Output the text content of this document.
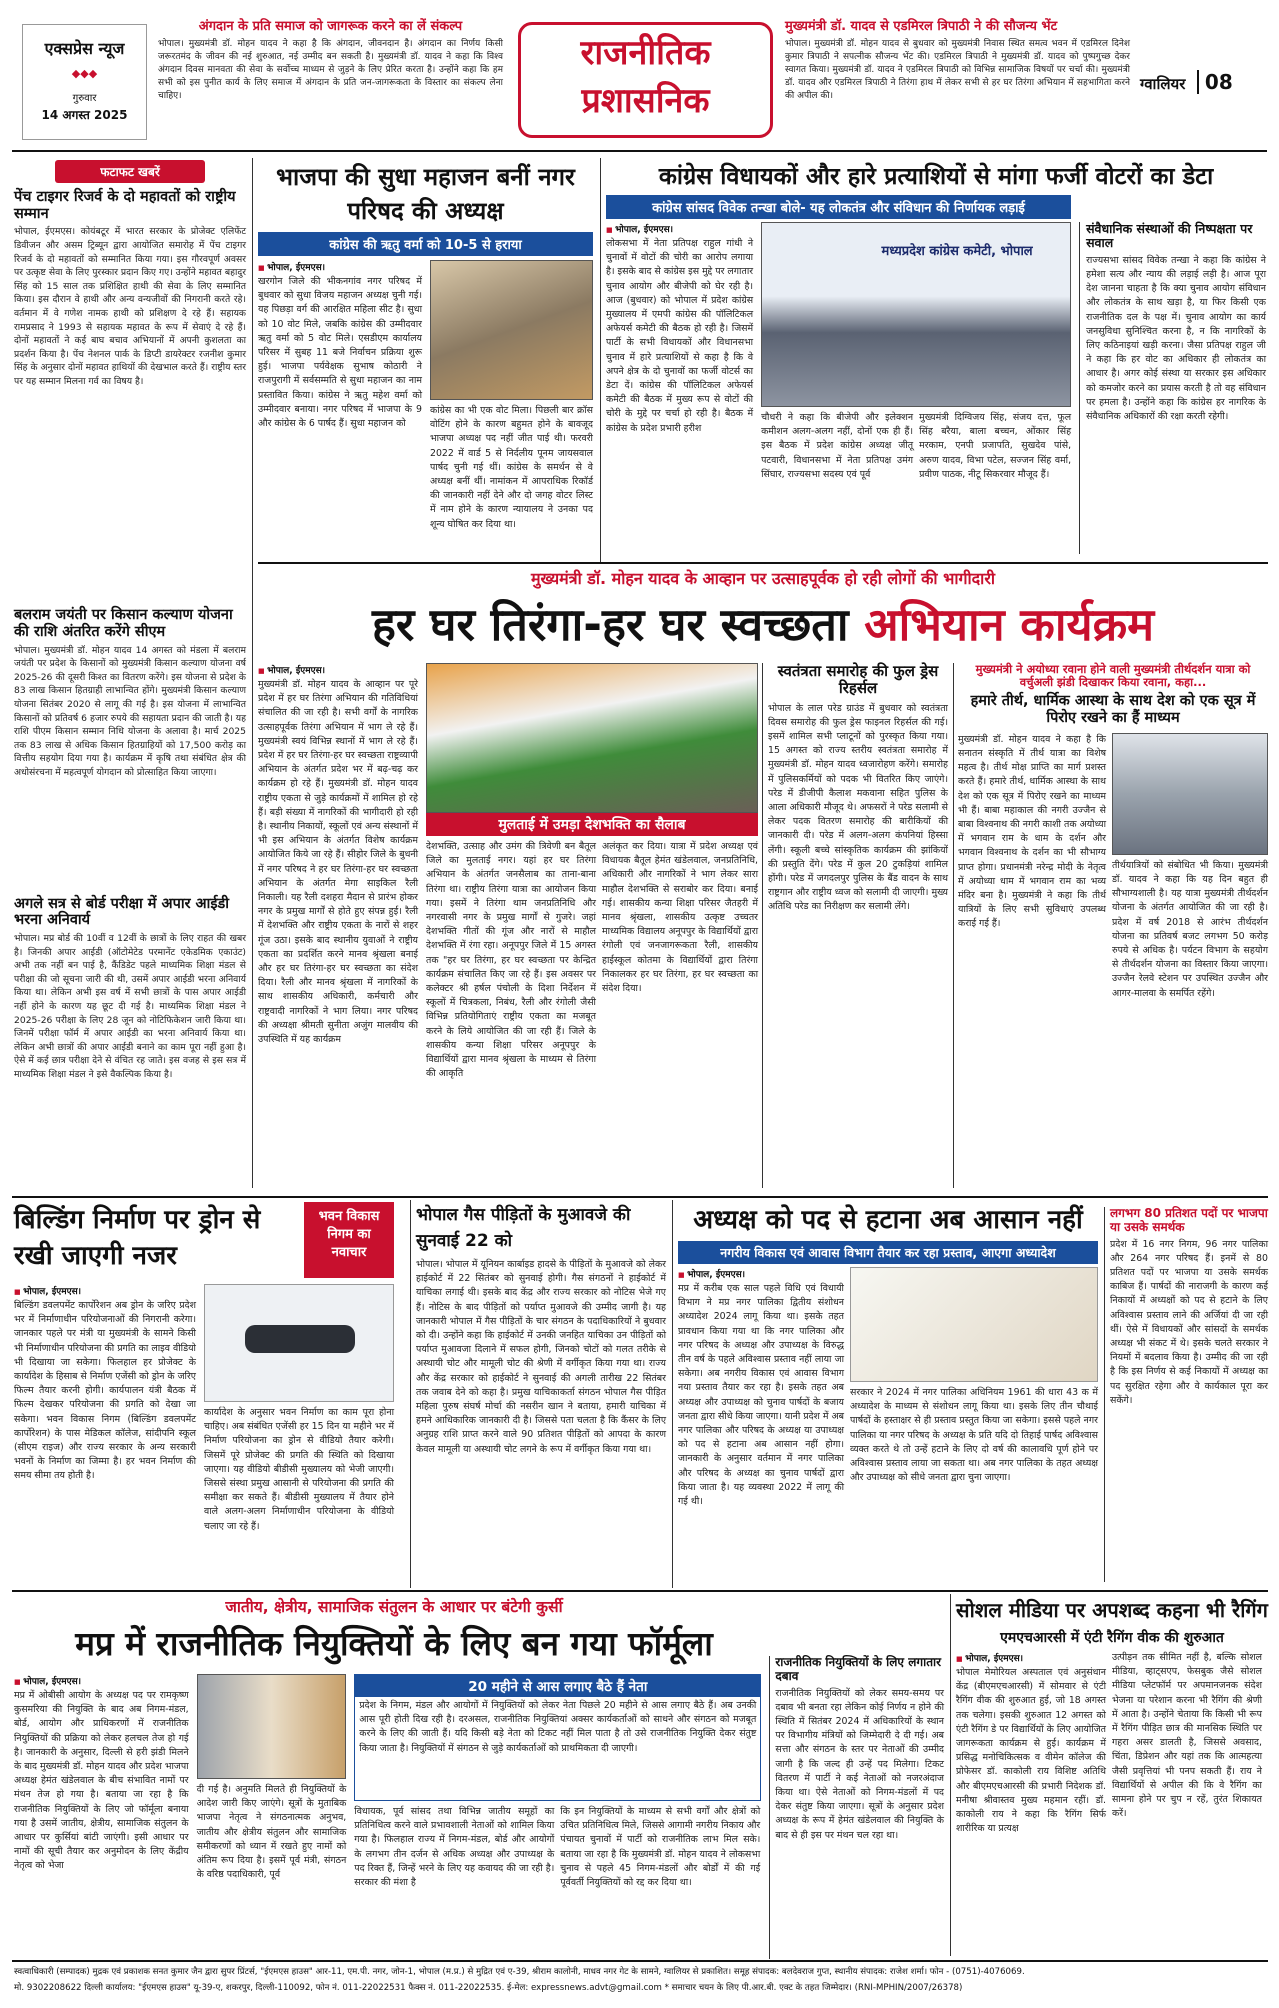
एक्सप्रेस न्यूज
◆◆◆
गुरुवार
14 अगस्त 2025
अंगदान के प्रति समाज को जागरूक करने का लें संकल्प
भोपाल। मुख्यमंत्री डॉ. मोहन यादव ने कहा है कि अंगदान, जीवनदान है। अंगदान का निर्णय किसी जरूरतमंद के जीवन की नई शुरुआत, नई उम्मीद बन सकती है। मुख्यमंत्री डॉ. यादव ने कहा कि विश्व अंगदान दिवस मानवता की सेवा के सर्वोच्च माध्यम से जुड़ने के लिए प्रेरित करता है। उन्होंने कहा कि हम सभी को इस पुनीत कार्य के लिए समाज में अंगदान के प्रति जन-जागरूकता के विस्तार का संकल्प लेना चाहिए।
राजनीतिक
प्रशासनिक
मुख्यमंत्री डॉ. यादव से एडमिरल त्रिपाठी ने की सौजन्य भेंट
भोपाल। मुख्यमंत्री डॉ. मोहन यादव से बुधवार को मुख्यमंत्री निवास स्थित समत्व भवन में एडमिरल दिनेश कुमार त्रिपाठी ने सपत्नीक सौजन्य भेंट की। एडमिरल त्रिपाठी ने मुख्यमंत्री डॉ. यादव को पुष्पगुच्छ देकर स्वागत किया। मुख्यमंत्री डॉ. यादव ने एडमिरल त्रिपाठी को विभिन्न सामाजिक विषयों पर चर्चा की। मुख्यमंत्री डॉ. यादव और एडमिरल त्रिपाठी ने तिरंगा हाथ में लेकर सभी से हर घर तिरंगा अभियान में सहभागिता करने की अपील की।
ग्वालियर 08
फटाफट खबरें
पेंच टाइगर रिजर्व के दो महावतों को राष्ट्रीय सम्मान
भोपाल, ईएमएस। कोयंबटूर में भारत सरकार के प्रोजेक्ट एलिफेंट डिवीजन और असम ट्रिब्यून द्वारा आयोजित समारोह में पेंच टाइगर रिजर्व के दो महावतों को सम्मानित किया गया। इस गौरवपूर्ण अवसर पर उत्कृष्ट सेवा के लिए पुरस्कार प्रदान किए गए। उन्होंने महावत बहादुर सिंह को 15 साल तक प्रशिक्षित हाथी की सेवा के लिए सम्मानित किया। इस दौरान वे हाथी और अन्य वन्यजीवों की निगरानी करते रहे। वर्तमान में वे गणेश नामक हाथी को प्रशिक्षण दे रहे हैं। सहायक रामप्रसाद ने 1993 से सहायक महावत के रूप में सेवाएं दे रहे हैं। दोनों महावतों ने कई बाघ बचाव अभियानों में अपनी कुशलता का प्रदर्शन किया है। पेंच नेशनल पार्क के डिप्टी डायरेक्टर रजनीश कुमार सिंह के अनुसार दोनों महावत हाथियों की देखभाल करते हैं। राष्ट्रीय स्तर पर यह सम्मान मिलना गर्व का विषय है।
बलराम जयंती पर किसान कल्याण योजना की राशि अंतरित करेंगे सीएम
भोपाल। मुख्यमंत्री डॉ. मोहन यादव 14 अगस्त को मंडला में बलराम जयंती पर प्रदेश के किसानों को मुख्यमंत्री किसान कल्याण योजना वर्ष 2025-26 की दूसरी किश्त का वितरण करेंगे। इस योजना से प्रदेश के 83 लाख किसान हितग्राही लाभान्वित होंगे। मुख्यमंत्री किसान कल्याण योजना सितंबर 2020 से लागू की गई है। इस योजना में लाभान्वित किसानों को प्रतिवर्ष 6 हजार रुपये की सहायता प्रदान की जाती है। यह राशि पीएम किसान सम्मान निधि योजना के अलावा है। मार्च 2025 तक 83 लाख से अधिक किसान हितग्राहियों को 17,500 करोड़ का वित्तीय सहयोग दिया गया है। कार्यक्रम में कृषि तथा संबंधित क्षेत्र की अधोसंरचना में महत्वपूर्ण योगदान को प्रोत्साहित किया जाएगा।
अगले सत्र से बोर्ड परीक्षा में अपार आईडी भरना अनिवार्य
भोपाल। मप्र बोर्ड की 10वीं व 12वीं के छात्रों के लिए राहत की खबर है। जिनकी अपार आईडी (ऑटोमेटेड परमानेंट एकेडमिक एकाउंट) अभी तक नहीं बन पाई है, कैंडिडेट पहले माध्यमिक शिक्षा मंडल से परीक्षा की जो सूचना जारी की थी, उसमें अपार आईडी भरना अनिवार्य किया था। लेकिन अभी इस वर्ष में सभी छात्रों के पास अपार आईडी नहीं होने के कारण यह छूट दी गई है। माध्यमिक शिक्षा मंडल ने 2025-26 परीक्षा के लिए 28 जून को नोटिफिकेशन जारी किया था। जिनमें परीक्षा फॉर्म में अपार आईडी का भरना अनिवार्य किया था। लेकिन अभी छात्रों की अपार आईडी बनाने का काम पूरा नहीं हुआ है। ऐसे में कई छात्र परीक्षा देने से वंचित रह जाते। इस वजह से इस सत्र में माध्यमिक शिक्षा मंडल ने इसे वैकल्पिक किया है।
भाजपा की सुधा महाजन बनीं नगर परिषद की अध्यक्ष
कांग्रेस की ऋतु वर्मा को 10-5 से हराया
■ भोपाल, ईएमएस।
खरगोन जिले की भीकनगांव नगर परिषद में बुधवार को सुधा विजय महाजन अध्यक्ष चुनी गई। यह पिछड़ा वर्ग की आरक्षित महिला सीट है। सुधा को 10 वोट मिले, जबकि कांग्रेस की उम्मीदवार ऋतु वर्मा को 5 वोट मिले। एसडीएम कार्यालय परिसर में सुबह 11 बजे निर्वाचन प्रक्रिया शुरू हुई। भाजपा पर्यवेक्षक सुभाष कोठारी ने राजपुरागी में सर्वसम्मति से सुधा महाजन का नाम प्रस्तावित किया। कांग्रेस ने ऋतु महेश वर्मा को उम्मीदवार बनाया। नगर परिषद में भाजपा के 9 और कांग्रेस के 6 पार्षद हैं। सुधा महाजन को
कांग्रेस का भी एक वोट मिला। पिछली बार क्रॉस वोटिंग होने के कारण बहुमत होने के बावजूद भाजपा अध्यक्ष पद नहीं जीत पाई थी। फरवरी 2022 में वार्ड 5 से निर्दलीय पूनम जायसवाल पार्षद चुनी गई थीं। कांग्रेस के समर्थन से वे अध्यक्ष बनीं थीं। नामांकन में आपराधिक रिकॉर्ड की जानकारी नहीं देने और दो जगह वोटर लिस्ट में नाम होने के कारण न्यायालय ने उनका पद शून्य घोषित कर दिया था।
कांग्रेस विधायकों और हारे प्रत्याशियों से मांगा फर्जी वोटरों का डेटा
कांग्रेस सांसद विवेक तन्खा बोले- यह लोकतंत्र और संविधान की निर्णायक लड़ाई
■ भोपाल, ईएमएस।
लोकसभा में नेता प्रतिपक्ष राहुल गांधी ने चुनावों में वोटों की चोरी का आरोप लगाया है। इसके बाद से कांग्रेस इस मुद्दे पर लगातार चुनाव आयोग और बीजेपी को घेर रही है। आज (बुधवार) को भोपाल में प्रदेश कांग्रेस मुख्यालय में एमपी कांग्रेस की पॉलिटिकल अफेयर्स कमेटी की बैठक हो रही है। जिसमें पार्टी के सभी विधायकों और विधानसभा चुनाव में हारे प्रत्याशियों से कहा है कि वे अपने क्षेत्र के दो चुनावों का फर्जी वोटर्स का डेटा दें। कांग्रेस की पॉलिटिकल अफेयर्स कमेटी की बैठक में मुख्य रूप से वोटों की चोरी के मुद्दे पर चर्चा हो रही है। बैठक में कांग्रेस के प्रदेश प्रभारी हरीश
मध्यप्रदेश कांग्रेस कमेटी, भोपाल
चौधरी ने कहा कि बीजेपी और इलेक्शन कमीशन अलग-अलग नहीं, दोनों एक ही हैं। इस बैठक में प्रदेश कांग्रेस अध्यक्ष जीतू पटवारी, विधानसभा में नेता प्रतिपक्ष उमंग सिंघार, राज्यसभा सदस्य एवं पूर्व
मुख्यमंत्री दिग्विजय सिंह, संजय दत्त, फूल सिंह बरैया, बाला बच्चन, ओंकार सिंह मरकाम, एनपी प्रजापति, सुखदेव पांसे, अरुण यादव, विभा पटेल, सज्जन सिंह वर्मा, प्रवीण पाठक, नीटू सिकरवार मौजूद हैं।
संवैधानिक संस्थाओं की निष्पक्षता पर सवाल
राज्यसभा सांसद विवेक तन्खा ने कहा कि कांग्रेस ने हमेशा सत्य और न्याय की लड़ाई लड़ी है। आज पूरा देश जानना चाहता है कि क्या चुनाव आयोग संविधान और लोकतंत्र के साथ खड़ा है, या फिर किसी एक राजनीतिक दल के पक्ष में। चुनाव आयोग का कार्य जनसुविधा सुनिश्चित करना है, न कि नागरिकों के लिए कठिनाइयां खड़ी करना। जैसा प्रतिपक्ष राहुल जी ने कहा कि हर वोट का अधिकार ही लोकतंत्र का आधार है। अगर कोई संस्था या सरकार इस अधिकार को कमजोर करने का प्रयास करती है तो वह संविधान पर हमला है। उन्होंने कहा कि कांग्रेस हर नागरिक के संवैधानिक अधिकारों की रक्षा करती रहेगी।
मुख्यमंत्री डॉ. मोहन यादव के आव्हान पर उत्साहपूर्वक हो रही लोगों की भागीदारी
हर घर तिरंगा-हर घर स्वच्छता अभियान कार्यक्रम
■ भोपाल, ईएमएस।
मुख्यमंत्री डॉ. मोहन यादव के आव्हान पर पूरे प्रदेश में हर घर तिरंगा अभियान की गतिविधियां संचालित की जा रही है। सभी वर्गों के नागरिक उत्साहपूर्वक तिरंगा अभियान में भाग ले रहे हैं। मुख्यमंत्री स्वयं विभिन्न स्थानों में भाग ले रहे हैं। प्रदेश में हर घर तिरंगा-हर घर स्वच्छता राष्ट्रव्यापी अभियान के अंतर्गत प्रदेश भर में बढ़-चढ़ कर कार्यक्रम हो रहे हैं। मुख्यमंत्री डॉ. मोहन यादव राष्ट्रीय एकता से जुड़े कार्यक्रमों में शामिल हो रहे हैं। बड़ी संख्या में नागरिकों की भागीदारी हो रही है। स्थानीय निकायों, स्कूलों एवं अन्य संस्थानों में भी इस अभियान के अंतर्गत विशेष कार्यक्रम आयोजित किये जा रहे हैं। सीहोर जिले के बुधनी में नगर परिषद ने हर घर तिरंगा-हर घर स्वच्छता अभियान के अंतर्गत मेगा साइकिल रैली निकाली। यह रैली दशहरा मैदान से प्रारंभ होकर नगर के प्रमुख मार्गों से होते हुए संपन्न हुई। रैली में देशभक्ति और राष्ट्रीय एकता के नारों से शहर गूंज उठा। इसके बाद स्थानीय युवाओं ने राष्ट्रीय एकता का प्रदर्शित करने मानव श्रृंखला बनाई और हर घर तिरंगा-हर घर स्वच्छता का संदेश दिया। रैली और मानव श्रृंखला में नागरिकों के साथ शासकीय अधिकारी, कर्मचारी और राष्ट्रवादी नागरिकों ने भाग लिया। नगर परिषद की अध्यक्षा श्रीमती सुनीता अजुंग मालवीय की उपस्थिति में यह कार्यक्रम
मुलताई में उमड़ा देशभक्ति का सैलाब
देशभक्ति, उत्साह और उमंग की त्रिवेणी बन बैतूल जिले का मुलताई नगर। यहां हर घर तिरंगा अभियान के अंतर्गत जनसैलाब का ताना-बाना तिरंगा था। राष्ट्रीय तिरंगा यात्रा का आयोजन किया गया। इसमें ने तिरंगा थाम जनप्रतिनिधि और नगरवासी नगर के प्रमुख मार्गों से गुजरे। जहां देशभक्ति गीतों की गूंज और नारों से माहौल देशभक्ति में रंगा रहा। अनूपपुर जिले में 15 अगस्त तक "हर घर तिरंगा, हर घर स्वच्छता पर केन्द्रित कार्यक्रम संचालित किए जा रहे हैं। इस अवसर पर कलेक्टर श्री हर्षल पंचोली के दिशा निर्देशन में स्कूलों में चित्रकला, निबंध, रैली और रंगोली जैसी विभिन्न प्रतियोगिताएं राष्ट्रीय एकता का मजबूत करने के लिये आयोजित की जा रही हैं। जिले के शासकीय कन्या शिक्षा परिसर अनूपपुर के विद्यार्थियों द्वारा मानव श्रृंखला के माध्यम से तिरंगा की आकृति
अलंकृत कर दिया। यात्रा में प्रदेश अध्यक्ष एवं विधायक बैतूल हेमंत खंडेलवाल, जनप्रतिनिधि, अधिकारी और नागरिकों ने भाग लेकर सारा माहौल देशभक्ति से सराबोर कर दिया। बनाई गई। शासकीय कन्या शिक्षा परिसर जैतहरी में मानव श्रृंखला, शासकीय उत्कृष्ट उच्चतर माध्यमिक विद्यालय अनूपपुर के विद्यार्थियों द्वारा रंगोली एवं जनजागरूकता रैली, शासकीय हाईस्कूल कोतमा के विद्यार्थियों द्वारा तिरंगा निकालकर हर घर तिरंगा, हर घर स्वच्छता का संदेश दिया।
स्वतंत्रता समारोह की फुल ड्रेस रिहर्सल
भोपाल के लाल परेड ग्राउंड में बुधवार को स्वतंत्रता दिवस समारोह की फुल ड्रेस फाइनल रिहर्सल की गई। इसमें शामिल सभी प्लाटूनों को पुरस्कृत किया गया। 15 अगस्त को राज्य स्तरीय स्वतंत्रता समारोह में मुख्यमंत्री डॉ. मोहन यादव ध्वजारोहण करेंगे। समारोह में पुलिसकर्मियों को पदक भी वितरित किए जाएंगे। परेड में डीजीपी कैलाश मकवाना सहित पुलिस के आला अधिकारी मौजूद थे। अफसरों ने परेड सलामी से लेकर पदक वितरण समारोह की बारीकियों की जानकारी दी। परेड में अलग-अलग कंपनियां हिस्सा लेंगी। स्कूली बच्चे सांस्कृतिक कार्यक्रम की झांकियों की प्रस्तुति देंगे। परेड में कुल 20 टुकड़ियां शामिल होंगी। परेड में जगदलपुर पुलिस के बैंड वादन के साथ राष्ट्रगान और राष्ट्रीय ध्वज को सलामी दी जाएगी। मुख्य अतिथि परेड का निरीक्षण कर सलामी लेंगे।
मुख्यमंत्री ने अयोध्या रवाना होने वाली मुख्यमंत्री तीर्थदर्शन यात्रा को वर्चुअली झंडी दिखाकर किया रवाना, कहा...
हमारे तीर्थ, धार्मिक आस्था के साथ देश को एक सूत्र में पिरोए रखने का हैं माध्यम
मुख्यमंत्री डॉ. मोहन यादव ने कहा है कि सनातन संस्कृति में तीर्थ यात्रा का विशेष महत्व है। तीर्थ मोक्ष प्राप्ति का मार्ग प्रशस्त करते हैं। हमारे तीर्थ, धार्मिक आस्था के साथ देश को एक सूत्र में पिरोए रखने का माध्यम भी हैं। बाबा महाकाल की नगरी उज्जैन से बाबा विश्वनाथ की नगरी काशी तक अयोध्या में भगवान राम के धाम के दर्शन और भगवान विश्वनाथ के दर्शन का भी सौभाग्य प्राप्त होगा। प्रधानमंत्री नरेन्द्र मोदी के नेतृत्व में अयोध्या धाम में भगवान राम का भव्य मंदिर बना है। मुख्यमंत्री ने कहा कि तीर्थ यात्रियों के लिए सभी सुविधाएं उपलब्ध कराई गई हैं।
तीर्थयात्रियों को संबोधित भी किया। मुख्यमंत्री डॉ. यादव ने कहा कि यह दिन बहुत ही सौभाग्यशाली है। यह यात्रा मुख्यमंत्री तीर्थदर्शन योजना के अंतर्गत आयोजित की जा रही है। प्रदेश में वर्ष 2018 से आरंभ तीर्थदर्शन योजना का प्रतिवर्ष बजट लगभग 50 करोड़ रुपये से अधिक है। पर्यटन विभाग के सहयोग से तीर्थदर्शन योजना का विस्तार किया जाएगा। उज्जैन रेलवे स्टेशन पर उपस्थित उज्जैन और आगर-मालवा के समर्पित रहेंगे।
बिल्डिंग निर्माण पर ड्रोन से रखी जाएगी नजर
भवन विकास निगम का नवाचार
■ भोपाल, ईएमएस।
बिल्डिंग डवलपमेंट कार्पोरेशन अब ड्रोन के जरिए प्रदेश भर में निर्माणाधीन परियोजनाओं की निगरानी करेगा। जानकार पहले पर मंत्री या मुख्यमंत्री के सामने किसी भी निर्माणाधीन परियोजना की प्रगति का लाइव वीडियो भी दिखाया जा सकेगा। फिलहाल हर प्रोजेक्ट के कार्यादेश के हिसाब से निर्माण एजेंसी को ड्रोन के जरिए फिल्म तैयार करनी होगी। कार्यपालन यंत्री बैठक में फिल्म देखकर परियोजना की प्रगति को देखा जा सकेगा। भवन विकास निगम (बिल्डिंग डवलपमेंट कार्पोरेशन) के पास मेडिकल कॉलेज, सांदीपनि स्कूल (सीएम राइज) और राज्य सरकार के अन्य सरकारी भवनों के निर्माण का जिम्मा है। हर भवन निर्माण की समय सीमा तय होती है।
कार्यादेश के अनुसार भवन निर्माण का काम पूरा होना चाहिए। अब संबंधित एजेंसी हर 15 दिन या महीने भर में निर्माण परियोजना का ड्रोन से वीडियो तैयार करेगी। जिसमें पूरे प्रोजेक्ट की प्रगति की स्थिति को दिखाया जाएगा। यह वीडियो बीडीसी मुख्यालय को भेजी जाएगी। जिससे संस्था प्रमुख आसानी से परियोजना की प्रगति की समीक्षा कर सकते हैं। बीडीसी मुख्यालय में तैयार होने वाले अलग-अलग निर्माणाधीन परियोजना के वीडियो चलाए जा रहे हैं।
भोपाल गैस पीड़ितों के मुआवजे की सुनवाई 22 को
भोपाल। भोपाल में यूनियन कार्बाइड हादसे के पीड़ितों के मुआवजे को लेकर हाईकोर्ट में 22 सितंबर को सुनवाई होगी। गैस संगठनों ने हाईकोर्ट में याचिका लगाई थी। इसके बाद केंद्र और राज्य सरकार को नोटिस भेजे गए हैं। नोटिस के बाद पीड़ितों को पर्याप्त मुआवजे की उम्मीद जागी है। यह जानकारी भोपाल में गैस पीड़ितों के चार संगठन के पदाधिकारियों ने बुधवार को दी। उन्होंने कहा कि हाईकोर्ट में उनकी जनहित याचिका उन पीड़ितों को पर्याप्त मुआवजा दिलाने में सफल होगी, जिनको चोटों को गलत तरीके से अस्थायी चोट और मामूली चोट की श्रेणी में वर्गीकृत किया गया था। राज्य और केंद्र सरकार को हाईकोर्ट ने सुनवाई की अगली तारीख 22 सितंबर तक जवाब देने को कहा है। प्रमुख याचिकाकर्ता संगठन भोपाल गैस पीड़ित महिला पुरुष संघर्ष मोर्चा की नसरीन खान ने बताया, हमारी याचिका में हमने आधिकारिक जानकारी दी है। जिससे पता चलता है कि कैंसर के लिए अनुग्रह राशि प्राप्त करने वाले 90 प्रतिशत पीड़ितों को आपदा के कारण केवल मामूली या अस्थायी चोट लगने के रूप में वर्गीकृत किया गया था।
अध्यक्ष को पद से हटाना अब आसान नहीं
नगरीय विकास एवं आवास विभाग तैयार कर रहा प्रस्ताव, आएगा अध्यादेश
■ भोपाल, ईएमएस।
मप्र में करीब एक साल पहले विधि एवं विधायी विभाग ने मप्र नगर पालिका द्वितीय संशोधन अध्यादेश 2024 लागू किया था। इसके तहत प्रावधान किया गया था कि नगर पालिका और नगर परिषद के अध्यक्ष और उपाध्यक्ष के विरुद्ध तीन वर्ष के पहले अविश्वास प्रस्ताव नहीं लाया जा सकेगा। अब नगरीय विकास एवं आवास विभाग नया प्रस्ताव तैयार कर रहा है। इसके तहत अब अध्यक्ष और उपाध्यक्ष को चुनाव पार्षदों के बजाय जनता द्वारा सीधे किया जाएगा। यानी प्रदेश में अब नगर पालिका और परिषद के अध्यक्ष या उपाध्यक्ष को पद से हटाना अब आसान नहीं होगा। जानकारी के अनुसार वर्तमान में नगर पालिका और परिषद के अध्यक्ष का चुनाव पार्षदों द्वारा किया जाता है। यह व्यवस्था 2022 में लागू की गई थी।
सरकार ने 2024 में नगर पालिका अधिनियम 1961 की धारा 43 क में अध्यादेश के माध्यम से संशोधन लागू किया था। इसके लिए तीन चौथाई पार्षदों के हस्ताक्षर से ही प्रस्ताव प्रस्तुत किया जा सकेगा। इससे पहले नगर पालिका या नगर परिषद के अध्यक्ष के प्रति यदि दो तिहाई पार्षद अविश्वास व्यक्त करते थे तो उन्हें हटाने के लिए दो वर्ष की कालावधि पूर्ण होने पर अविश्वास प्रस्ताव लाया जा सकता था। अब नगर पालिका के तहत अध्यक्ष और उपाध्यक्ष को सीधे जनता द्वारा चुना जाएगा।
लगभग 80 प्रतिशत पदों पर भाजपा या उसके समर्थक
प्रदेश में 16 नगर निगम, 96 नगर पालिका और 264 नगर परिषद हैं। इनमें से 80 प्रतिशत पदों पर भाजपा या उसके समर्थक काबिज हैं। पार्षदों की नाराजगी के कारण कई निकायों में अध्यक्षों को पद से हटाने के लिए अविश्वास प्रस्ताव लाने की अर्जियां दी जा रही थीं। ऐसे में विधायकों और सांसदों के समर्थक अध्यक्ष भी संकट में थे। इसके चलते सरकार ने नियमों में बदलाव किया है। उम्मीद की जा रही है कि इस निर्णय से कई निकायों में अध्यक्ष का पद सुरक्षित रहेगा और वे कार्यकाल पूरा कर सकेंगे।
जातीय, क्षेत्रीय, सामाजिक संतुलन के आधार पर बंटेगी कुर्सी
मप्र में राजनीतिक नियुक्तियों के लिए बन गया फॉर्मूला
■ भोपाल, ईएमएस।
मप्र में ओबीसी आयोग के अध्यक्ष पद पर रामकृष्ण कुसमरिया की नियुक्ति के बाद अब निगम-मंडल, बोर्ड, आयोग और प्राधिकरणों में राजनीतिक नियुक्तियों की प्रक्रिया को लेकर हलचल तेज हो गई है। जानकारी के अनुसार, दिल्ली से हरी झंडी मिलने के बाद मुख्यमंत्री डॉ. मोहन यादव और प्रदेश भाजपा अध्यक्ष हेमंत खंडेलवाल के बीच संभावित नामों पर मंथन तेज हो गया है। बताया जा रहा है कि राजनीतिक नियुक्तियों के लिए जो फॉर्मूला बनाया गया है उसमें जातीय, क्षेत्रीय, सामाजिक संतुलन के आधार पर कुर्सियां बांटी जाएंगी। इसी आधार पर नामों की सूची तैयार कर अनुमोदन के लिए केंद्रीय नेतृत्व को भेजा
दी गई है। अनुमति मिलते ही नियुक्तियों के आदेश जारी किए जाएंगे। सूत्रों के मुताबिक भाजपा नेतृत्व ने संगठनात्मक अनुभव, जातीय और क्षेत्रीय संतुलन और सामाजिक समीकरणों को ध्यान में रखते हुए नामों को अंतिम रूप दिया है। इसमें पूर्व मंत्री, संगठन के वरिष्ठ पदाधिकारी, पूर्व
20 महीने से आस लगाए बैठे हैं नेता
प्रदेश के निगम, मंडल और आयोगों में नियुक्तियों को लेकर नेता पिछले 20 महीने से आस लगाए बैठे हैं। अब उनकी आस पूरी होती दिख रही है। दरअसल, राजनीतिक नियुक्तियां अक्सर कार्यकर्ताओं को साधने और संगठन को मजबूत करने के लिए की जाती हैं। यदि किसी बड़े नेता को टिकट नहीं मिल पाता है तो उसे राजनीतिक नियुक्ति देकर संतुष्ट किया जाता है। नियुक्तियों में संगठन से जुड़े कार्यकर्ताओं को प्राथमिकता दी जाएगी।
विधायक, पूर्व सांसद तथा विभिन्न जातीय समूहों का प्रतिनिधित्व करने वाले प्रभावशाली नेताओं को शामिल किया गया है। फिलहाल राज्य में निगम-मंडल, बोर्ड और आयोगों के लगभग तीन दर्जन से अधिक अध्यक्ष और उपाध्यक्ष के पद रिक्त हैं, जिन्हें भरने के लिए यह कवायद की जा रही है। सरकार की मंशा है
कि इन नियुक्तियों के माध्यम से सभी वर्गों और क्षेत्रों को उचित प्रतिनिधित्व मिले, जिससे आगामी नगरीय निकाय और पंचायत चुनावों में पार्टी को राजनीतिक लाभ मिल सके। बताया जा रहा है कि मुख्यमंत्री डॉ. मोहन यादव ने लोकसभा चुनाव से पहले 45 निगम-मंडलों और बोर्डों में की गई पूर्ववर्ती नियुक्तियों को रद्द कर दिया था।
राजनीतिक नियुक्तियों के लिए लगातार दबाव
राजनीतिक नियुक्तियों को लेकर समय-समय पर दबाव भी बनता रहा लेकिन कोई निर्णय न होने की स्थिति में सितंबर 2024 में अधिकारियों के स्थान पर विभागीय मंत्रियों को जिम्मेदारी दे दी गई। अब सत्ता और संगठन के स्तर पर नेताओं की उम्मीद जागी है कि जल्द ही उन्हें पद मिलेगा। टिकट वितरण में पार्टी ने कई नेताओं को नजरअंदाज किया था। ऐसे नेताओं को निगम-मंडलों में पद देकर संतुष्ट किया जाएगा। सूत्रों के अनुसार प्रदेश अध्यक्ष के रूप में हेमंत खंडेलवाल की नियुक्ति के बाद से ही इस पर मंथन चल रहा था।
सोशल मीडिया पर अपशब्द कहना भी रैगिंग
एमएचआरसी में एंटी रैगिंग वीक की शुरुआत
■ भोपाल, ईएमएस।
भोपाल मेमोरियल अस्पताल एवं अनुसंधान केंद्र (बीएमएचआरसी) में सोमवार से एंटी रैगिंग वीक की शुरुआत हुई, जो 18 अगस्त तक चलेगा। इसकी शुरुआत 12 अगस्त को एंटी रैगिंग डे पर विद्यार्थियों के लिए आयोजित जागरूकता कार्यक्रम से हुई। कार्यक्रम में प्रसिद्ध मनोचिकित्सक व वीमेन कॉलेज की प्रोफेसर डॉ. काकोली राय विशिष्ट अतिथि और बीएमएचआरसी की प्रभारी निदेशक डॉ. मनीषा श्रीवास्तव मुख्य महमान रहीं। डॉ. काकोली राय ने कहा कि रैगिंग सिर्फ शारीरिक या प्रत्यक्ष
उत्पीड़न तक सीमित नहीं है, बल्कि सोशल मीडिया, व्हाट्सएप, फेसबुक जैसे सोशल मीडिया प्लेटफॉर्म पर अपमानजनक संदेश भेजना या परेशान करना भी रैगिंग की श्रेणी में आता है। उन्होंने चेताया कि किसी भी रूप में रैगिंग पीड़ित छात्र की मानसिक स्थिति पर गहरा असर डालती है, जिससे अवसाद, चिंता, डिप्रेशन और यहां तक कि आत्महत्या जैसी प्रवृत्तियां भी पनप सकती हैं। राय ने विद्यार्थियों से अपील की कि वे रैगिंग का सामना होने पर चुप न रहें, तुरंत शिकायत करें।
स्वत्वाधिकारी (सम्पादक) मुद्रक एवं प्रकाशक सनत कुमार जैन द्वारा सुपर प्रिंटर्स, "ईएमएस हाउस" आर-11, एम.पी. नगर, जोन-1, भोपाल (म.प्र.) से मुद्रित एवं ए-39, श्रीराम कालोनी, माधव नगर गेट के सामने, ग्वालियर से प्रकाशित। समूह संपादक: बलदेवराज गुप्त, स्थानीय संपादक: राजेश शर्मा। फोन - (0751)-4076069.
मो. 9302208622 दिल्ली कार्यालय: "ईएमएस हाउस" यू-39-ए, शकरपुर, दिल्ली-110092, फोन नं. 011-22022531 फैक्स नं. 011-22022535. ई-मेल: expressnews.advt@gmail.com * समाचार चयन के लिए पी.आर.बी. एक्ट के तहत जिम्मेदार। (RNI-MPHIN/2007/26378)
